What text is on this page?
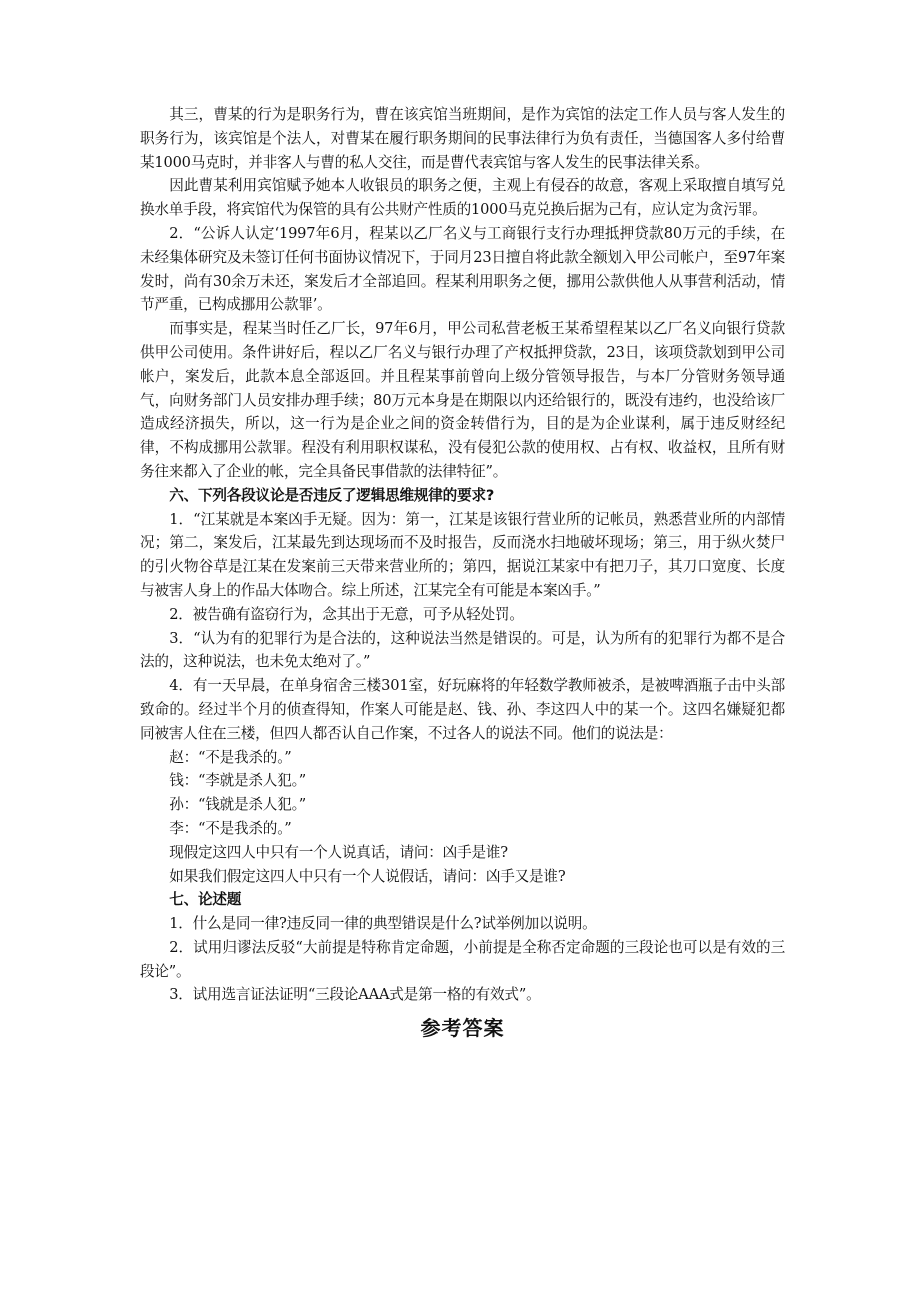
其三，曹某的行为是职务行为，曹在该宾馆当班期间，是作为宾馆的法定工作人员与客人发生的职务行为，该宾馆是个法人，对曹某在履行职务期间的民事法律行为负有责任，当德国客人多付给曹某1000马克时，并非客人与曹的私人交往，而是曹代表宾馆与客人发生的民事法律关系。

因此曹某利用宾馆赋予她本人收银员的职务之便，主观上有侵吞的故意，客观上采取擅自填写兑换水单手段，将宾馆代为保管的具有公共财产性质的1000马克兑换后据为己有，应认定为贪污罪。

2．“公诉人认定‘1997年6月，程某以乙厂名义与工商银行支行办理抵押贷款80万元的手续，在未经集体研究及未签订任何书面协议情况下，于同月23日擅自将此款全额划入甲公司帐户，至97年案发时，尚有30余万未还，案发后才全部追回。程某利用职务之便，挪用公款供他人从事营利活动，情节严重，已构成挪用公款罪’。

而事实是，程某当时任乙厂长，97年6月，甲公司私营老板王某希望程某以乙厂名义向银行贷款供甲公司使用。条件讲好后，程以乙厂名义与银行办理了产权抵押贷款，23日，该项贷款划到甲公司帐户，案发后，此款本息全部返回。并且程某事前曾向上级分管领导报告，与本厂分管财务领导通气，向财务部门人员安排办理手续；80万元本身是在期限以内还给银行的，既没有违约，也没给该厂造成经济损失，所以，这一行为是企业之间的资金转借行为，目的是为企业谋利，属于违反财经纪律，不构成挪用公款罪。程没有利用职权谋私，没有侵犯公款的使用权、占有权、收益权，且所有财务往来都入了企业的帐，完全具备民事借款的法律特征”。

六、下列各段议论是否违反了逻辑思维规律的要求?

1．“江某就是本案凶手无疑。因为：第一，江某是该银行营业所的记帐员，熟悉营业所的内部情况；第二，案发后，江某最先到达现场而不及时报告，反而浇水扫地破坏现场；第三，用于纵火焚尸的引火物谷草是江某在发案前三天带来营业所的；第四，据说江某家中有把刀子，其刀口宽度、长度与被害人身上的作品大体吻合。综上所述，江某完全有可能是本案凶手。”

2．被告确有盗窃行为，念其出于无意，可予从轻处罚。

3．“认为有的犯罪行为是合法的，这种说法当然是错误的。可是，认为所有的犯罪行为都不是合法的，这种说法，也未免太绝对了。”

4．有一天早晨，在单身宿舍三楼301室，好玩麻将的年轻数学教师被杀，是被啤酒瓶子击中头部致命的。经过半个月的侦查得知，作案人可能是赵、钱、孙、李这四人中的某一个。这四名嫌疑犯都同被害人住在三楼，但四人都否认自己作案，不过各人的说法不同。他们的说法是：

赵：“不是我杀的。”

钱：“李就是杀人犯。”

孙：“钱就是杀人犯。”

李：“不是我杀的。”

现假定这四人中只有一个人说真话，请问：凶手是谁?

如果我们假定这四人中只有一个人说假话，请问：凶手又是谁?

七、论述题

1．什么是同一律?违反同一律的典型错误是什么?试举例加以说明。

2．试用归谬法反驳“大前提是特称肯定命题，小前提是全称否定命题的三段论也可以是有效的三段论”。

3．试用选言证法证明“三段论AAA式是第一格的有效式”。

参考答案
